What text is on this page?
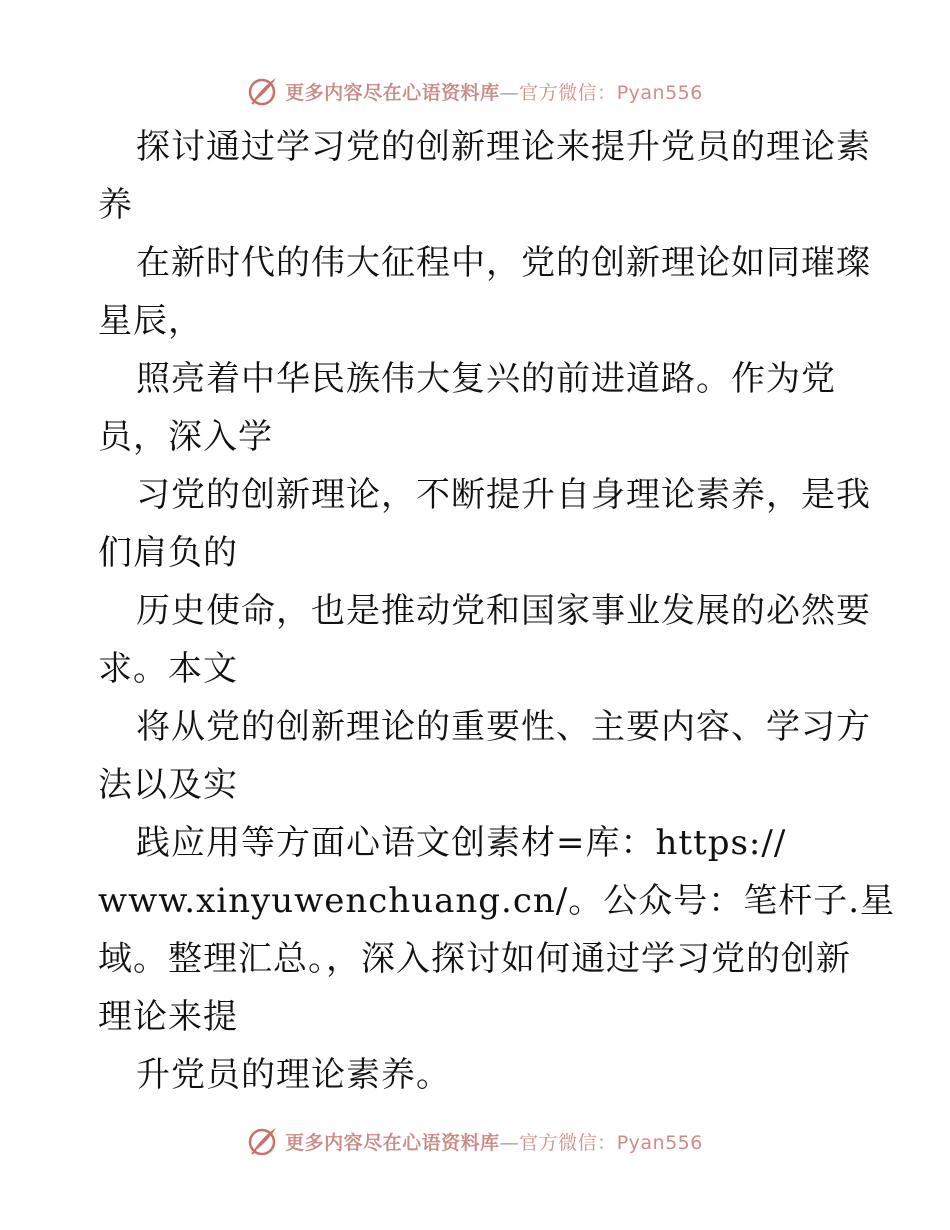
更多内容尽在心语资料库—官方微信：Pyan556
探讨通过学习党的创新理论来提升党员的理论素
养
在新时代的伟大征程中，党的创新理论如同璀璨
星辰，
照亮着中华民族伟大复兴的前进道路。作为党
员，深入学
习党的创新理论，不断提升自身理论素养，是我
们肩负的
历史使命，也是推动党和国家事业发展的必然要
求。本文
将从党的创新理论的重要性、主要内容、学习方
法以及实
践应用等方面心语文创素材=库：https://
www.xinyuwenchuang.cn/。公众号：笔杆子.星
域。整理汇总。，深入探讨如何通过学习党的创新
理论来提
升党员的理论素养。
更多内容尽在心语资料库—官方微信：Pyan556
